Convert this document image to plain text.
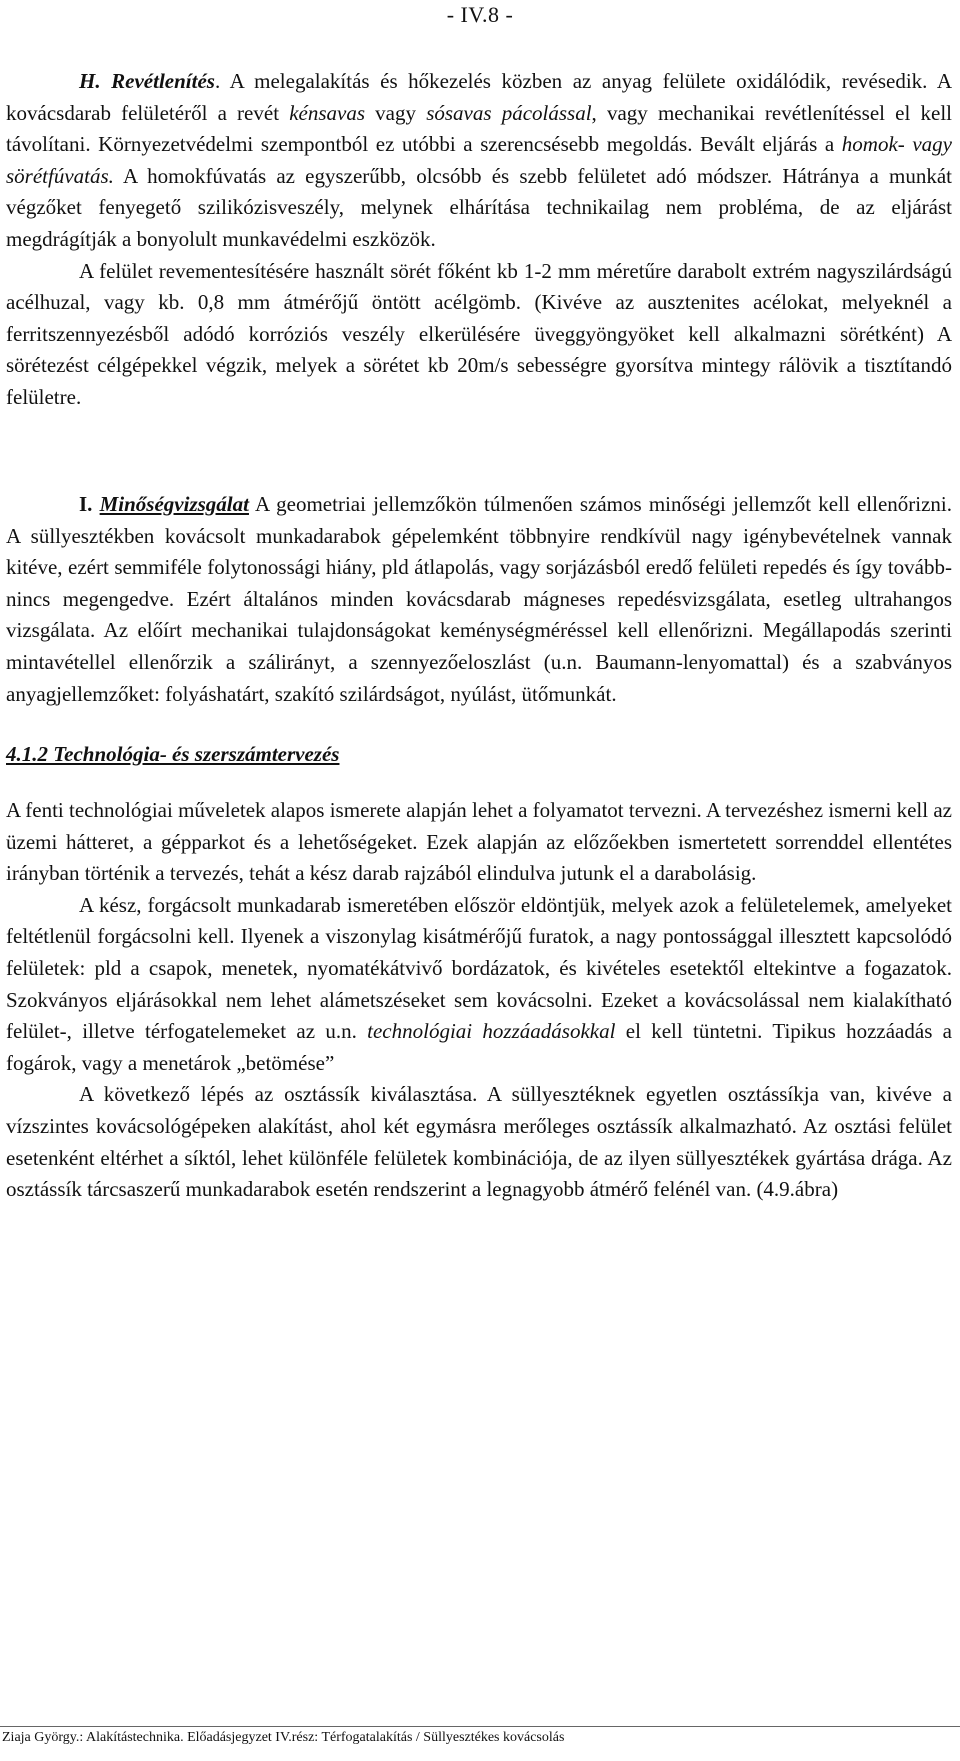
- IV.8 -

H. Revétlenítés. A melegalakítás és hőkezelés közben az anyag felülete oxidálódik, revésedik. A kovácsdarab felületéről a revét kénsavas vagy sósavas pácolással, vagy mechanikai revétlenítéssel el kell távolítani. Környezetvédelmi szempontból ez utóbbi a szerencsésebb megoldás. Bevált eljárás a homok- vagy sörétfúvatás. A homokfúvatás az egyszerűbb, olcsóbb és szebb felületet adó módszer. Hátránya a munkát végzőket fenyegető szilikózisveszély, melynek elhárítása technikailag nem probléma, de az eljárást megdrágítják a bonyolult munkavédelmi eszközök.

A felület revementesítésére használt sörét főként kb 1-2 mm méretűre darabolt extrém nagyszilárdságú acélhuzal, vagy kb. 0,8 mm átmérőjű öntött acélgömb. (Kivéve az ausztenites acélokat, melyeknél a ferritszennyezésből adódó korróziós veszély elkerülésére üveggyöngyöket kell alkalmazni sörétként) A sörétezést célgépekkel végzik, melyek a sörétet kb 20m/s sebességre gyorsítva mintegy rálövik a tisztítandó felületre.

I. Minőségvizsgálat A geometriai jellemzőkön túlmenően számos minőségi jellemzőt kell ellenőrizni. A süllyesztékben kovácsolt munkadarabok gépelemként többnyire rendkívül nagy igénybevételnek vannak kitéve, ezért semmiféle folytonossági hiány, pld átlapolás, vagy sorjázásból eredő felületi repedés és így tovább- nincs megengedve. Ezért általános minden kovácsdarab mágneses repedésvizsgálata, esetleg ultrahangos vizsgálata. Az előírt mechanikai tulajdonságokat keménységméréssel kell ellenőrizni. Megállapodás szerinti mintavétellel ellenőrzik a szálirányt, a szennyezőeloszlást (u.n. Baumann-lenyomattal) és a szabványos anyagjellemzőket: folyáshatárt, szakító szilárdságot, nyúlást, ütőmunkát.

4.1.2 Technológia- és szerszámtervezés

A fenti technológiai műveletek alapos ismerete alapján lehet a folyamatot tervezni. A tervezéshez ismerni kell az üzemi hátteret, a gépparkot és a lehetőségeket. Ezek alapján az előzőekben ismertetett sorrenddel ellentétes irányban történik a tervezés, tehát a kész darab rajzából elindulva jutunk el a darabolásig.

A kész, forgácsolt munkadarab ismeretében először eldöntjük, melyek azok a felületelemek, amelyeket feltétlenül forgácsolni kell. Ilyenek a viszonylag kisátmérőjű furatok, a nagy pontossággal illesztett kapcsolódó felületek: pld a csapok, menetek, nyomatékátvivő bordázatok, és kivételes esetektől eltekintve a fogazatok. Szokványos eljárásokkal nem lehet alámetszéseket sem kovácsolni. Ezeket a kovácsolással nem kialakítható felület-, illetve térfogatelemeket az u.n. technológiai hozzáadásokkal el kell tüntetni. Tipikus hozzáadás a fogárok, vagy a menetárok „betömése”

A következő lépés az osztássík kiválasztása. A süllyesztéknek egyetlen osztássíkja van, kivéve a vízszintes kovácsológépeken alakítást, ahol két egymásra merőleges osztássík alkalmazható. Az osztási felület esetenként eltérhet a síktól, lehet különféle felületek kombinációja, de az ilyen süllyesztékek gyártása drága. Az osztássík tárcsaszerű munkadarabok esetén rendszerint a legnagyobb átmérő felénél van. (4.9.ábra)

Ziaja György.: Alakítástechnika. Előadásjegyzet IV.rész: Térfogatalakítás / Süllyesztékes kovácsolás
